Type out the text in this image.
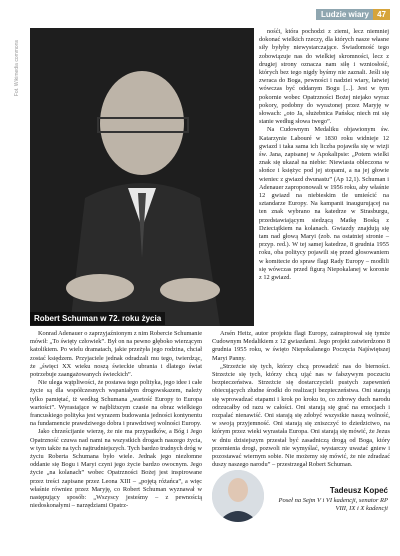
Ludzie wiary	47
Fot. Wikimedia commons
Robert Schuman w 72. roku życia

nośći, która pochodzi z ziemi, lecz niemniej dokonać wielkich rzeczy, dla których nasze własne siły byłyby niewystarczające. Świadomość tego zobowiązuje nas do wielkiej skromności, lecz z drugiej strony oznacza nam siłę i wzniosłość, których bez tego nigdy byśmy nie zaznali. Jeśli się zwraca do Boga, pewności i nadziei wiary, łatwiej wówczas być oddanym Bogu [...]. Jest w tym pokornie wobec Opatrzności Bożej niejako wyraz pokory, podobny do wyrażonej przez Maryję w słowach: „oto Ja, służebnica Pańska; niech mi się stanie według słowa twego”.

Na Cudownym Medaliku objawionym św. Katarzynie Labouré w 1830 roku widnieje 12 gwiazd i taka sama ich liczba pojawiła się w wizji św. Jana, zapisanej w Apokalipsie: „Potem wielki znak się ukazał na niebie: Niewiasta obleczona w słońce i księżyc pod jej stopami, a na jej głowie wieniec z gwiazd dwunastu” (Ap 12,1). Schuman i Adenauer zaproponowali w 1956 roku, aby właśnie 12 gwiazd na niebieskim tle umieścić na sztandarze Europy. Na kampanii inaugurującej na ten znak wybrano na katedrze w Strasburgu, przedstawiającym siedzącą Matkę Boską z Dzieciątkiem na kolanach. Gwiazdy znajdują się tam nad głową Maryi (zob. na ostatniej stronie – przyp. red.). W tej samej katedrze, 8 grudnia 1955 roku, oba politycy pojawili się przed głosowaniem w komitecie do spraw flagi Rady Europy – modlili się wówczas przed figurą Niepokalanej w koronie z 12 gwiazd.

Konrad Adenauer o zaprzyjaźnionym z nim Robercie Schumanie mówił: „To święty człowiek”. Był on na pewno głęboko wierzącym katolikiem. Po wielu dramatach, jakie przeżyła jego rodzina, chciał zostać księdzem. Przyjaciele jednak odradzali mu tego, twierdząc, że „święci XX wieku noszą świeckie ubrania i dlatego świat potrzebuje zaangażowanych świeckich”.

Nie ulega wątpliwości, że postawa tego polityka, jego idee i całe życie są dla współczesnych wspaniałym drogowskazem, należy tylko pamiętać, iż według Schumana „wartość Europy to Europa wartości”. Wyrastające w najbliższym czasie na obraz wielkiego francuskiego polityka jest wyrazem budowania jedności kontynentu na fundamencie prawdziwego dobra i prawdziwej wolności Europy.

Jako chrześcijanie wierzę, że nie ma przypadków, a Bóg i Jego Opatrzność czuwa nad nami na wszystkich drogach naszego życia, w tym także na tych najtrudniejszych. Tych bardzo trudnych dróg w życiu Roberta Schumana było wiele. Jednak jego niezłomne oddanie się Bogu i Maryi czyni jego życie bardzo owocnym. Jego życie „na kolanach” wobec Opatrzności Bożej jest inspirowane przez treści zapisane przez Leona XIII – „pojętą różańca”, a więc właśnie równiez przez Maryję, co Robert Schuman wyznawał w następujący sposób: „Wszyscy jesteśmy – z pewnością niedoskonałymi – narzędziami Opatrz-

Arsén Heitz, autor projektu flagi Europy, zainspirował się tymże Cudownym Medalikiem z 12 gwiazdami. Jego projekt zatwierdzono 8 grudnia 1955 roku, w święto Niepokalanego Poczęcia Najświętszej Maryi Panny.

„Strzeżcie się tych, którzy chcą prowadzić nas do bierności. Strzeżcie się tych, którzy chcą ująć nas w fałszywym poczuciu bezpieczeństwa. Strzeżcie się dostarczycieli pustych zapewnień obiecujących złudne środki do realizacji bezpieczeństwa. Oni starają się wprowadzać etapami i krok po kroku to, co zdrowy duch narodu odrzucałby od razu w całości. Oni starają się grać na emocjach i rozpalać nienawiść. Oni starają się zdobyć wszystkie naszą wolność, w swoją przyjemność. Oni starają się zniszczyć to dziedzictwo, na którym przez wieki wyrastała Europa. Oni starają się mówić, że Jezus w dniu dzisiejszym przestał być zasadniczą drogą od Boga, który przemienia drogi, pozwoli nie wymyślać, wystarczy uważać gniew i pozostawać wiernym sobie. Nie możemy się mówić, że nie zdradzać duszy naszego narodu” – przestrzegał Robert Schuman.

Tadeusz Kopeć
Poseł na Sejm V i VI kadencji, senator RP VIII, IX i X kadencji
